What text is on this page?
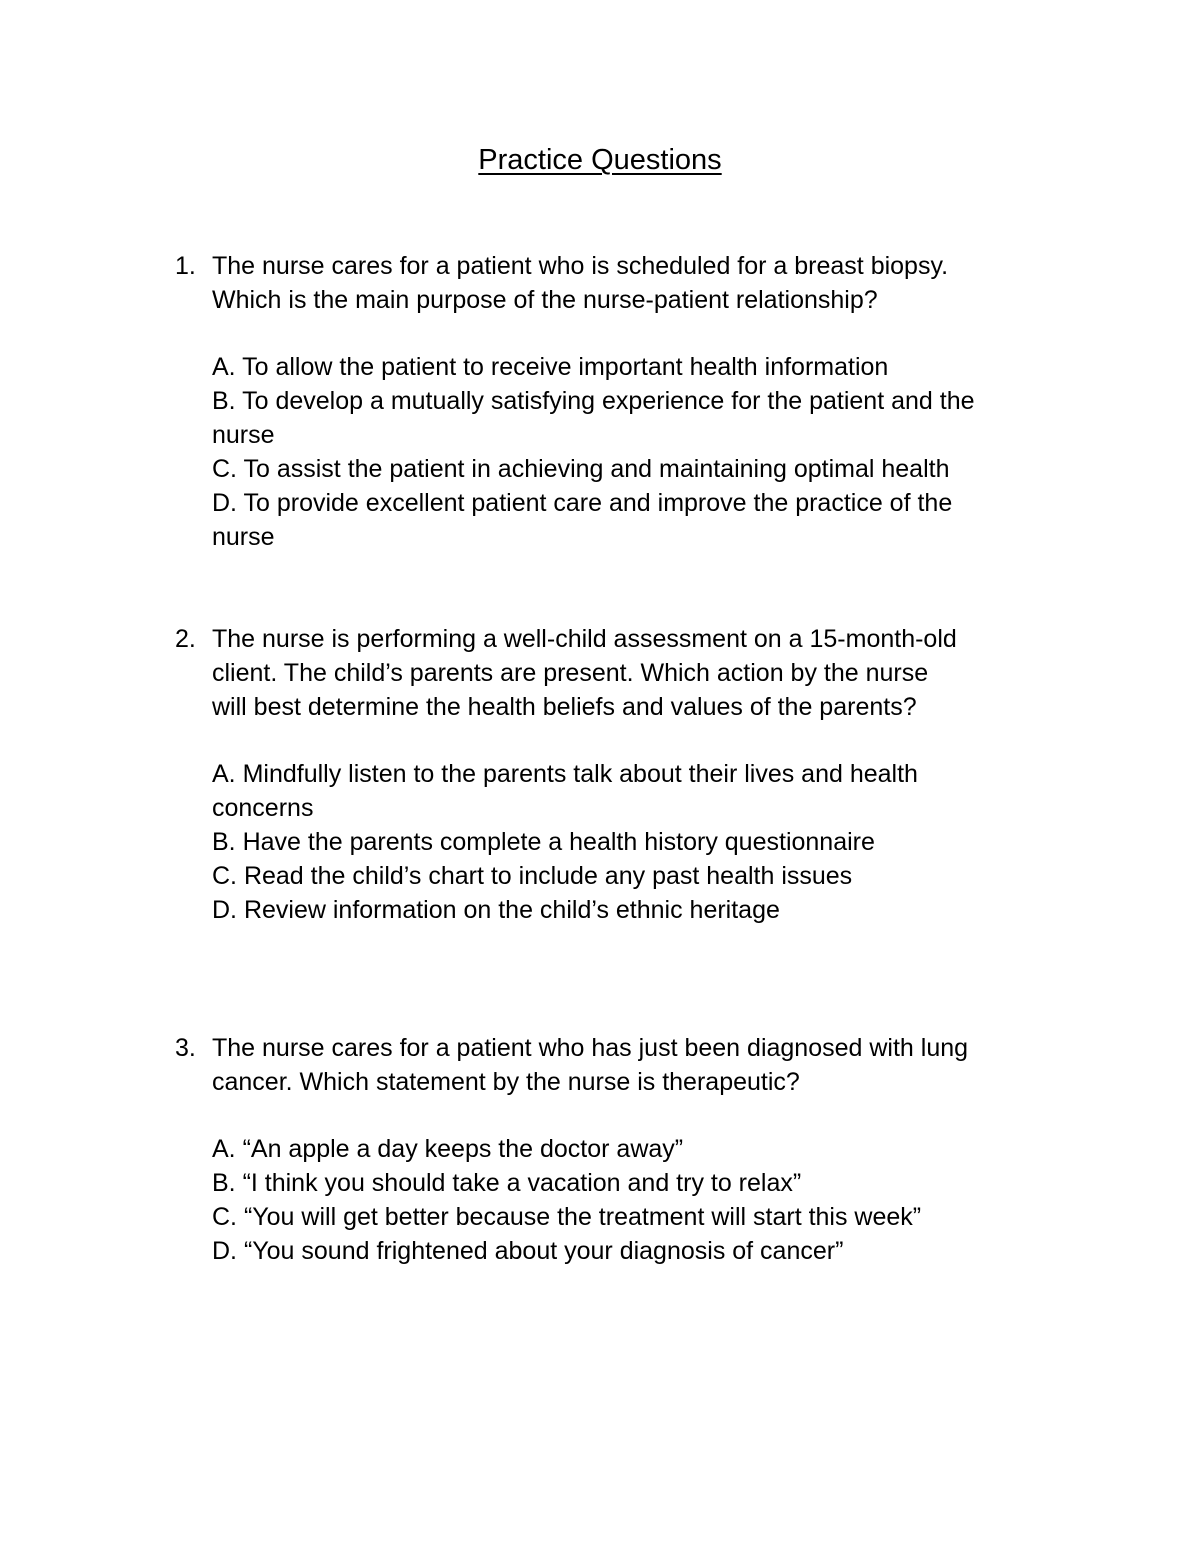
Practice Questions
1. The nurse cares for a patient who is scheduled for a breast biopsy.
Which is the main purpose of the nurse-patient relationship?
A. To allow the patient to receive important health information
B. To develop a mutually satisfying experience for the patient and the
nurse
C. To assist the patient in achieving and maintaining optimal health
D. To provide excellent patient care and improve the practice of the
nurse
2. The nurse is performing a well-child assessment on a 15-month-old
client. The child’s parents are present. Which action by the nurse
will best determine the health beliefs and values of the parents?
A. Mindfully listen to the parents talk about their lives and health
concerns
B. Have the parents complete a health history questionnaire
C. Read the child’s chart to include any past health issues
D. Review information on the child’s ethnic heritage
3. The nurse cares for a patient who has just been diagnosed with lung
cancer. Which statement by the nurse is therapeutic?
A. “An apple a day keeps the doctor away”
B. “I think you should take a vacation and try to relax”
C. “You will get better because the treatment will start this week”
D. “You sound frightened about your diagnosis of cancer”
